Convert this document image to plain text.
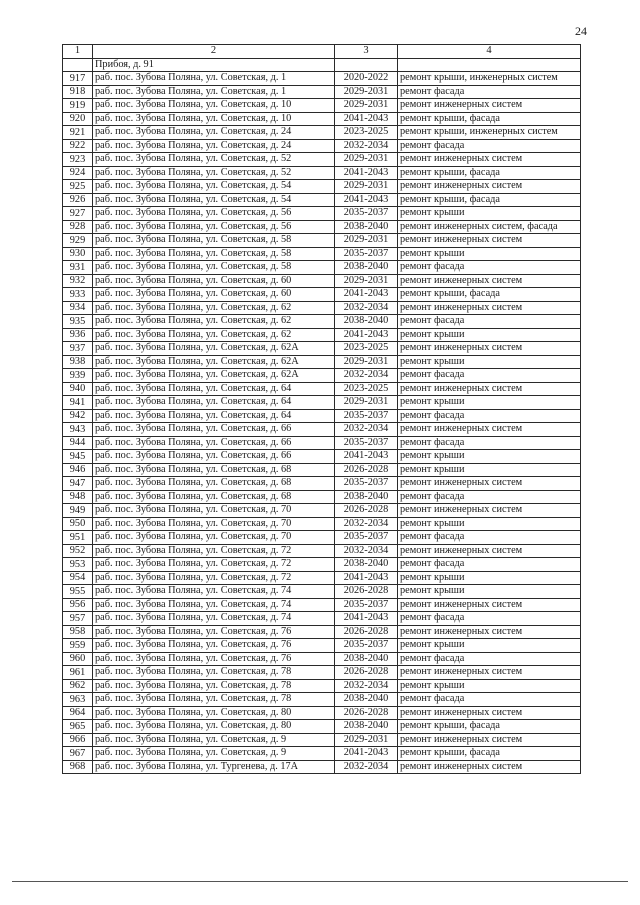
24
1	2	3	4
	Прибоя, д. 91		
917	раб. пос. Зубова Поляна, ул. Советская, д. 1	2020-2022	ремонт крыши, инженерных систем
918	раб. пос. Зубова Поляна, ул. Советская, д. 1	2029-2031	ремонт фасада
919	раб. пос. Зубова Поляна, ул. Советская, д. 10	2029-2031	ремонт инженерных систем
920	раб. пос. Зубова Поляна, ул. Советская, д. 10	2041-2043	ремонт крыши, фасада
921	раб. пос. Зубова Поляна, ул. Советская, д. 24	2023-2025	ремонт крыши, инженерных систем
922	раб. пос. Зубова Поляна, ул. Советская, д. 24	2032-2034	ремонт фасада
923	раб. пос. Зубова Поляна, ул. Советская, д. 52	2029-2031	ремонт инженерных систем
924	раб. пос. Зубова Поляна, ул. Советская, д. 52	2041-2043	ремонт крыши, фасада
925	раб. пос. Зубова Поляна, ул. Советская, д. 54	2029-2031	ремонт инженерных систем
926	раб. пос. Зубова Поляна, ул. Советская, д. 54	2041-2043	ремонт крыши, фасада
927	раб. пос. Зубова Поляна, ул. Советская, д. 56	2035-2037	ремонт крыши
928	раб. пос. Зубова Поляна, ул. Советская, д. 56	2038-2040	ремонт инженерных систем, фасада
929	раб. пос. Зубова Поляна, ул. Советская, д. 58	2029-2031	ремонт инженерных систем
930	раб. пос. Зубова Поляна, ул. Советская, д. 58	2035-2037	ремонт крыши
931	раб. пос. Зубова Поляна, ул. Советская, д. 58	2038-2040	ремонт фасада
932	раб. пос. Зубова Поляна, ул. Советская, д. 60	2029-2031	ремонт инженерных систем
933	раб. пос. Зубова Поляна, ул. Советская, д. 60	2041-2043	ремонт крыши, фасада
934	раб. пос. Зубова Поляна, ул. Советская, д. 62	2032-2034	ремонт инженерных систем
935	раб. пос. Зубова Поляна, ул. Советская, д. 62	2038-2040	ремонт фасада
936	раб. пос. Зубова Поляна, ул. Советская, д. 62	2041-2043	ремонт крыши
937	раб. пос. Зубова Поляна, ул. Советская, д. 62А	2023-2025	ремонт инженерных систем
938	раб. пос. Зубова Поляна, ул. Советская, д. 62А	2029-2031	ремонт крыши
939	раб. пос. Зубова Поляна, ул. Советская, д. 62А	2032-2034	ремонт фасада
940	раб. пос. Зубова Поляна, ул. Советская, д. 64	2023-2025	ремонт инженерных систем
941	раб. пос. Зубова Поляна, ул. Советская, д. 64	2029-2031	ремонт крыши
942	раб. пос. Зубова Поляна, ул. Советская, д. 64	2035-2037	ремонт фасада
943	раб. пос. Зубова Поляна, ул. Советская, д. 66	2032-2034	ремонт инженерных систем
944	раб. пос. Зубова Поляна, ул. Советская, д. 66	2035-2037	ремонт фасада
945	раб. пос. Зубова Поляна, ул. Советская, д. 66	2041-2043	ремонт крыши
946	раб. пос. Зубова Поляна, ул. Советская, д. 68	2026-2028	ремонт крыши
947	раб. пос. Зубова Поляна, ул. Советская, д. 68	2035-2037	ремонт инженерных систем
948	раб. пос. Зубова Поляна, ул. Советская, д. 68	2038-2040	ремонт фасада
949	раб. пос. Зубова Поляна, ул. Советская, д. 70	2026-2028	ремонт инженерных систем
950	раб. пос. Зубова Поляна, ул. Советская, д. 70	2032-2034	ремонт крыши
951	раб. пос. Зубова Поляна, ул. Советская, д. 70	2035-2037	ремонт фасада
952	раб. пос. Зубова Поляна, ул. Советская, д. 72	2032-2034	ремонт инженерных систем
953	раб. пос. Зубова Поляна, ул. Советская, д. 72	2038-2040	ремонт фасада
954	раб. пос. Зубова Поляна, ул. Советская, д. 72	2041-2043	ремонт крыши
955	раб. пос. Зубова Поляна, ул. Советская, д. 74	2026-2028	ремонт крыши
956	раб. пос. Зубова Поляна, ул. Советская, д. 74	2035-2037	ремонт инженерных систем
957	раб. пос. Зубова Поляна, ул. Советская, д. 74	2041-2043	ремонт фасада
958	раб. пос. Зубова Поляна, ул. Советская, д. 76	2026-2028	ремонт инженерных систем
959	раб. пос. Зубова Поляна, ул. Советская, д. 76	2035-2037	ремонт крыши
960	раб. пос. Зубова Поляна, ул. Советская, д. 76	2038-2040	ремонт фасада
961	раб. пос. Зубова Поляна, ул. Советская, д. 78	2026-2028	ремонт инженерных систем
962	раб. пос. Зубова Поляна, ул. Советская, д. 78	2032-2034	ремонт крыши
963	раб. пос. Зубова Поляна, ул. Советская, д. 78	2038-2040	ремонт фасада
964	раб. пос. Зубова Поляна, ул. Советская, д. 80	2026-2028	ремонт инженерных систем
965	раб. пос. Зубова Поляна, ул. Советская, д. 80	2038-2040	ремонт крыши, фасада
966	раб. пос. Зубова Поляна, ул. Советская, д. 9	2029-2031	ремонт инженерных систем
967	раб. пос. Зубова Поляна, ул. Советская, д. 9	2041-2043	ремонт крыши, фасада
968	раб. пос. Зубова Поляна, ул. Тургенева, д. 17А	2032-2034	ремонт инженерных систем
